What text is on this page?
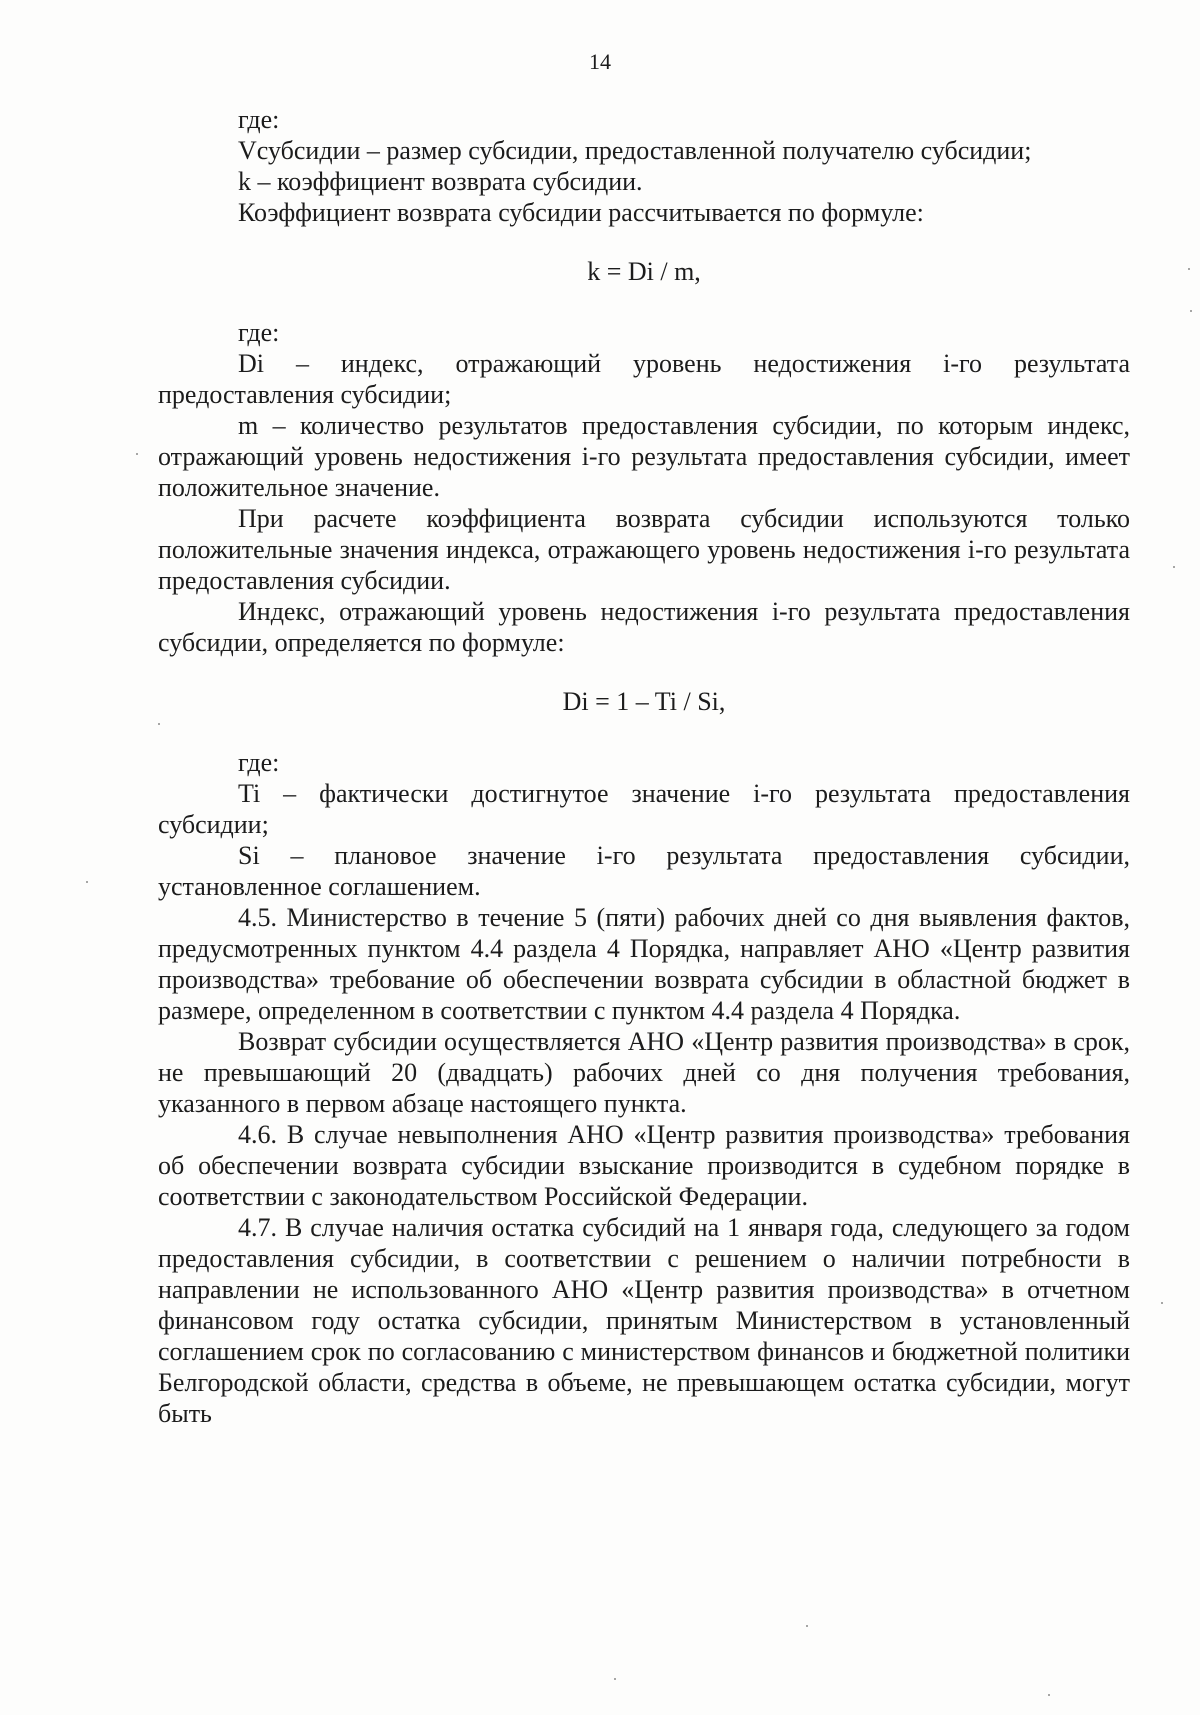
14

где:

Vсубсидии – размер субсидии, предоставленной получателю субсидии;

k – коэффициент возврата субсидии.

Коэффициент возврата субсидии рассчитывается по формуле:

k = Di / m,

где:

Di – индекс, отражающий уровень недостижения i-го результата предоставления субсидии;

m – количество результатов предоставления субсидии, по которым индекс, отражающий уровень недостижения i-го результата предоставления субсидии, имеет положительное значение.

При расчете коэффициента возврата субсидии используются только положительные значения индекса, отражающего уровень недостижения i-го результата предоставления субсидии.

Индекс, отражающий уровень недостижения i-го результата предоставления субсидии, определяется по формуле:

Di = 1 – Ti / Si,

где:

Ti – фактически достигнутое значение i-го результата предоставления субсидии;

Si – плановое значение i-го результата предоставления субсидии, установленное соглашением.

4.5. Министерство в течение 5 (пяти) рабочих дней со дня выявления фактов, предусмотренных пунктом 4.4 раздела 4 Порядка, направляет АНО «Центр развития производства» требование об обеспечении возврата субсидии в областной бюджет в размере, определенном в соответствии с пунктом 4.4 раздела 4 Порядка.

Возврат субсидии осуществляется АНО «Центр развития производства» в срок, не превышающий 20 (двадцать) рабочих дней со дня получения требования, указанного в первом абзаце настоящего пункта.

4.6. В случае невыполнения АНО «Центр развития производства» требования об обеспечении возврата субсидии взыскание производится в судебном порядке в соответствии с законодательством Российской Федерации.

4.7. В случае наличия остатка субсидий на 1 января года, следующего за годом предоставления субсидии, в соответствии с решением о наличии потребности в направлении не использованного АНО «Центр развития производства» в отчетном финансовом году остатка субсидии, принятым Министерством в установленный соглашением срок по согласованию с министерством финансов и бюджетной политики Белгородской области, средства в объеме, не превышающем остатка субсидии, могут быть
